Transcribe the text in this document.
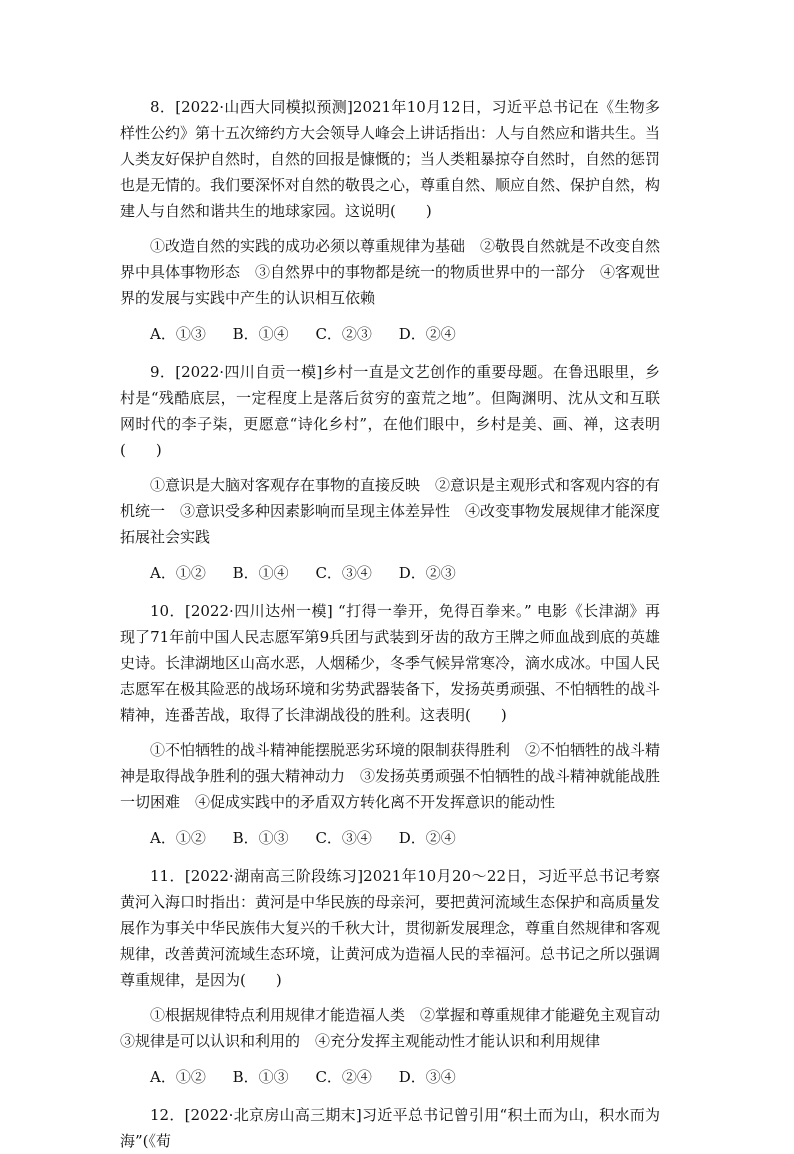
8．[2022·山西大同模拟预测]2021年10月12日，习近平总书记在《生物多样性公约》第十五次缔约方大会领导人峰会上讲话指出：人与自然应和谐共生。当人类友好保护自然时，自然的回报是慷慨的；当人类粗暴掠夺自然时，自然的惩罚也是无情的。我们要深怀对自然的敬畏之心，尊重自然、顺应自然、保护自然，构建人与自然和谐共生的地球家园。这说明(　　)

①改造自然的实践的成功必须以尊重规律为基础　②敬畏自然就是不改变自然界中具体事物形态　③自然界中的事物都是统一的物质世界中的一部分　④客观世界的发展与实践中产生的认识相互依赖

A．①③ B．①④ C．②③ D．②④

9．[2022·四川自贡一模]乡村一直是文艺创作的重要母题。在鲁迅眼里，乡村是“残酷底层，一定程度上是落后贫穷的蛮荒之地”。但陶渊明、沈从文和互联网时代的李子柒，更愿意“诗化乡村”，在他们眼中，乡村是美、画、禅，这表明(　　)

①意识是大脑对客观存在事物的直接反映　②意识是主观形式和客观内容的有机统一　③意识受多种因素影响而呈现主体差异性　④改变事物发展规律才能深度拓展社会实践

A．①② B．①④ C．③④ D．②③

10．[2022·四川达州一模] “打得一拳开，免得百拳来。” 电影《长津湖》再现了71年前中国人民志愿军第9兵团与武装到牙齿的敌方王牌之师血战到底的英雄史诗。长津湖地区山高水恶，人烟稀少，冬季气候异常寒冷，滴水成冰。中国人民志愿军在极其险恶的战场环境和劣势武器装备下，发扬英勇顽强、不怕牺牲的战斗精神，连番苦战，取得了长津湖战役的胜利。这表明(　　)

①不怕牺牲的战斗精神能摆脱恶劣环境的限制获得胜利　②不怕牺牲的战斗精神是取得战争胜利的强大精神动力　③发扬英勇顽强不怕牺牲的战斗精神就能战胜一切困难　④促成实践中的矛盾双方转化离不开发挥意识的能动性

A．①② B．①③ C．③④ D．②④

11．[2022·湖南高三阶段练习]2021年10月20～22日，习近平总书记考察黄河入海口时指出：黄河是中华民族的母亲河，要把黄河流域生态保护和高质量发展作为事关中华民族伟大复兴的千秋大计，贯彻新发展理念，尊重自然规律和客观规律，改善黄河流域生态环境，让黄河成为造福人民的幸福河。总书记之所以强调尊重规律，是因为(　　)

①根据规律特点利用规律才能造福人类　②掌握和尊重规律才能避免主观盲动　③规律是可以认识和利用的　④充分发挥主观能动性才能认识和利用规律

A．①② B．①③ C．②④ D．③④

12．[2022·北京房山高三期末]习近平总书记曾引用“积土而为山，积水而为海”(《荀
